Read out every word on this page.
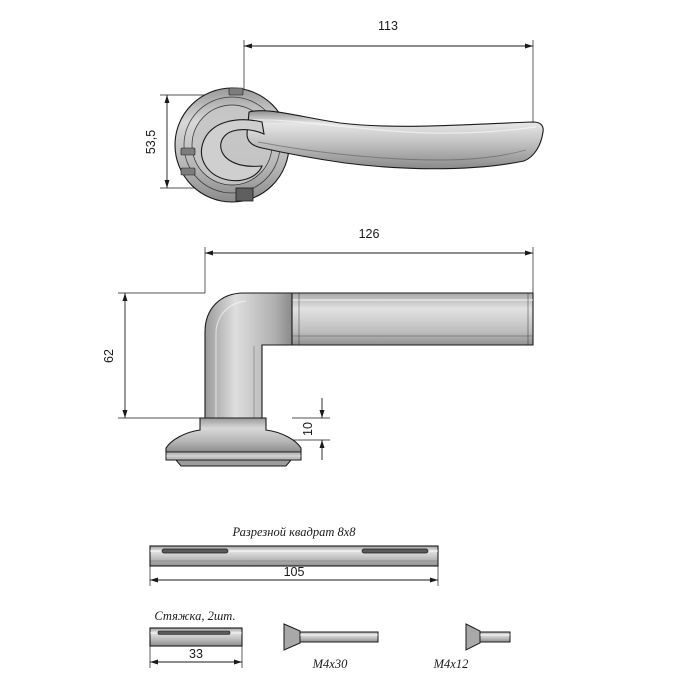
113
53,5
126
62
10
Разрезной квадрат 8х8
105
Стяжка, 2шт.
33
M4x30	M4x12
